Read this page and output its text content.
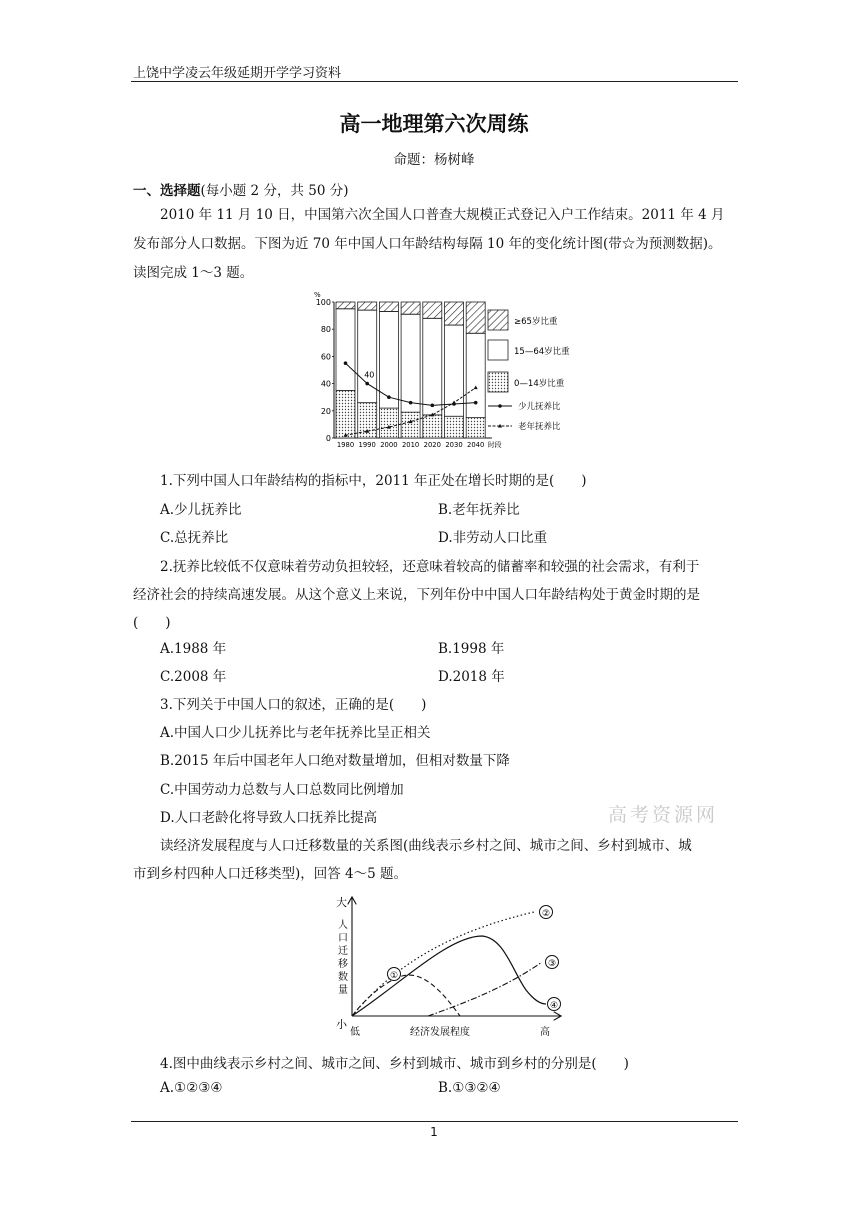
上饶中学凌云年级延期开学学习资料
高一地理第六次周练
命题：杨树峰
一、选择题(每小题 2 分，共 50 分)
2010 年 11 月 10 日，中国第六次全国人口普查大规模正式登记入户工作结束。2011 年 4 月
发布部分人口数据。下图为近 70 年中国人口年龄结构每隔 10 年的变化统计图(带☆为预测数据)。
读图完成 1～3 题。
%
0
20
40
60
80
100
1980 1990 2000 2010 2020 2030 2040 时段
40
≥65岁比重
15—64岁比重
0—14岁比重
少儿抚养比
老年抚养比
1.下列中国人口年龄结构的指标中，2011 年正处在增长时期的是(　　)
A.少儿抚养比	B.老年抚养比
C.总抚养比	D.非劳动人口比重
2.抚养比较低不仅意味着劳动负担较轻，还意味着较高的储蓄率和较强的社会需求，有利于
经济社会的持续高速发展。从这个意义上来说，下列年份中中国人口年龄结构处于黄金时期的是
(　　)
A.1988 年	B.1998 年
C.2008 年	D.2018 年
3.下列关于中国人口的叙述，正确的是(　　)
A.中国人口少儿抚养比与老年抚养比呈正相关
B.2015 年后中国老年人口绝对数量增加，但相对数量下降
C.中国劳动力总数与人口总数同比例增加
D.人口老龄化将导致人口抚养比提高	高考资源网
读经济发展程度与人口迁移数量的关系图(曲线表示乡村之间、城市之间、乡村到城市、城
市到乡村四种人口迁移类型)，回答 4～5 题。
大
人口迁移数量
小
低	经济发展程度	高
①
②
③
④
4.图中曲线表示乡村之间、城市之间、乡村到城市、城市到乡村的分别是(　　)
A.①②③④	B.①③②④
1
